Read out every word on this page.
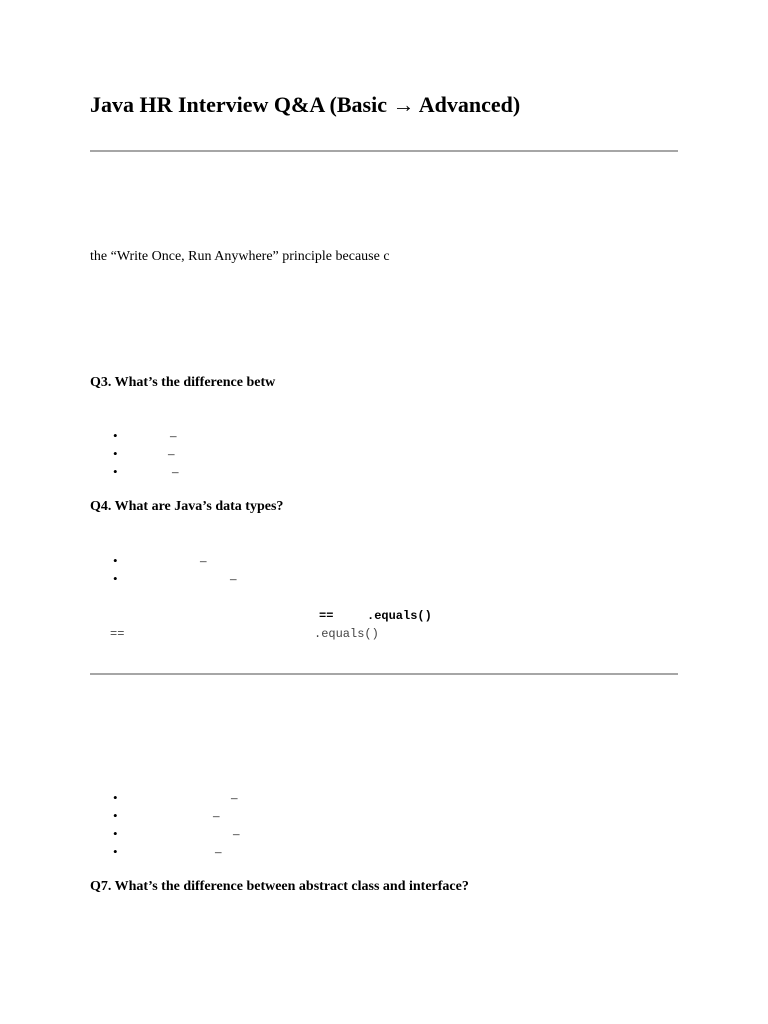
Java HR Interview Q&A (Basic → Advanced)
the “Write Once, Run Anywhere” principle because c
Q3. What’s the difference betw
•	–
•	–
•	–
Q4. What are Java’s data types?
•	–
•	–
==	.equals()
==	.equals()
•	–
•	–
•	–
•	–
Q7. What’s the difference between abstract class and interface?
